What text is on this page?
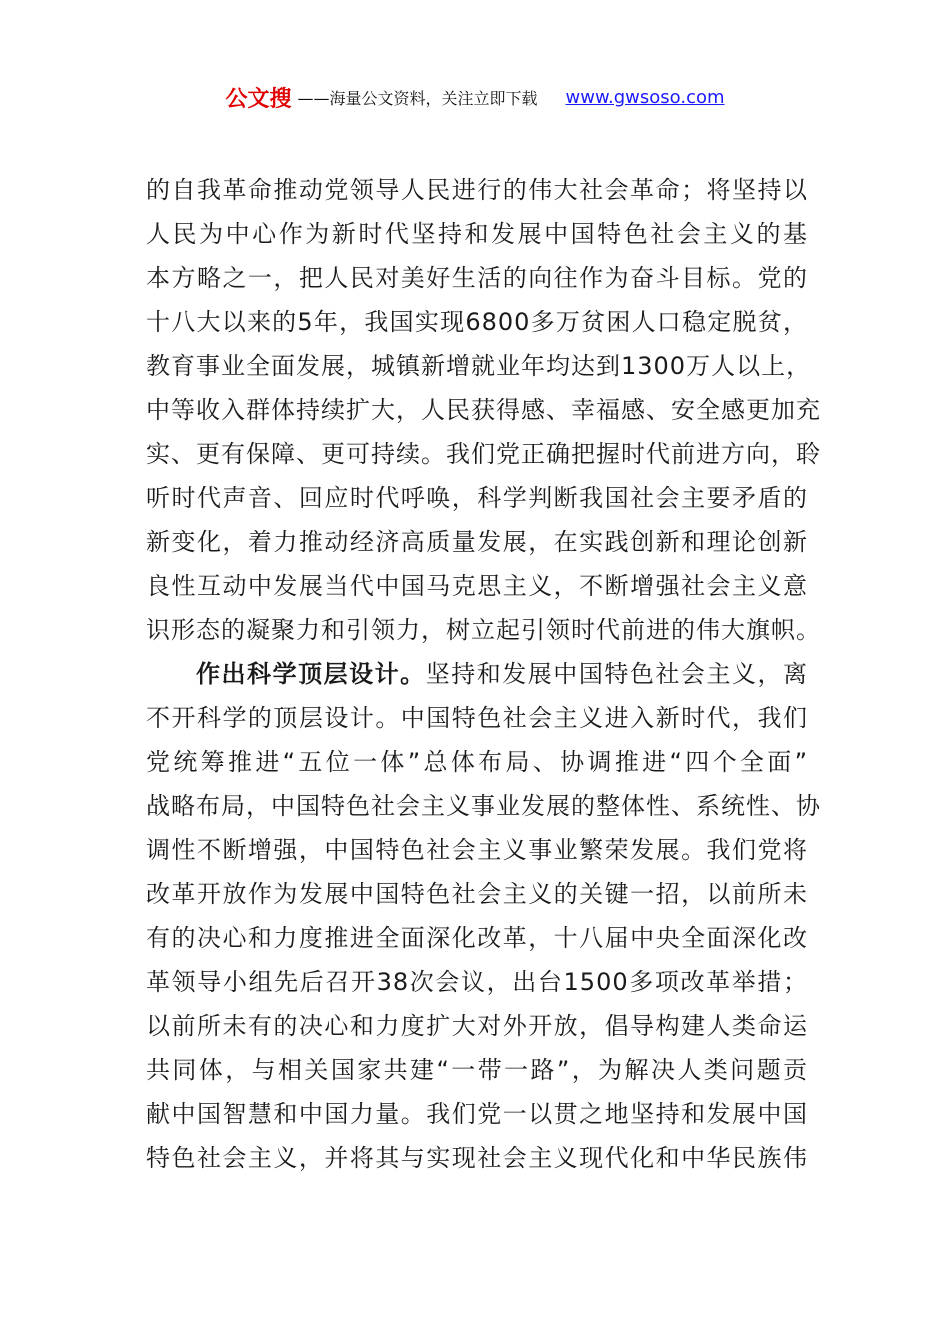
公文搜 ——海量公文资料，关注立即下载 www.gwsoso.com
的自我革命推动党领导人民进行的伟大社会革命；将坚持以
人民为中心作为新时代坚持和发展中国特色社会主义的基
本方略之一，把人民对美好生活的向往作为奋斗目标。党的
十八大以来的5年，我国实现6800多万贫困人口稳定脱贫，
教育事业全面发展，城镇新增就业年均达到1300万人以上，
中等收入群体持续扩大，人民获得感、幸福感、安全感更加充
实、更有保障、更可持续。我们党正确把握时代前进方向，聆
听时代声音、回应时代呼唤，科学判断我国社会主要矛盾的
新变化，着力推动经济高质量发展，在实践创新和理论创新
良性互动中发展当代中国马克思主义，不断增强社会主义意
识形态的凝聚力和引领力，树立起引领时代前进的伟大旗帜。
作出科学顶层设计。坚持和发展中国特色社会主义，离
不开科学的顶层设计。中国特色社会主义进入新时代，我们
党统筹推进“五位一体”总体布局、协调推进“四个全面”
战略布局，中国特色社会主义事业发展的整体性、系统性、协
调性不断增强，中国特色社会主义事业繁荣发展。我们党将
改革开放作为发展中国特色社会主义的关键一招，以前所未
有的决心和力度推进全面深化改革，十八届中央全面深化改
革领导小组先后召开38次会议，出台1500多项改革举措；
以前所未有的决心和力度扩大对外开放，倡导构建人类命运
共同体，与相关国家共建“一带一路”，为解决人类问题贡
献中国智慧和中国力量。我们党一以贯之地坚持和发展中国
特色社会主义，并将其与实现社会主义现代化和中华民族伟
